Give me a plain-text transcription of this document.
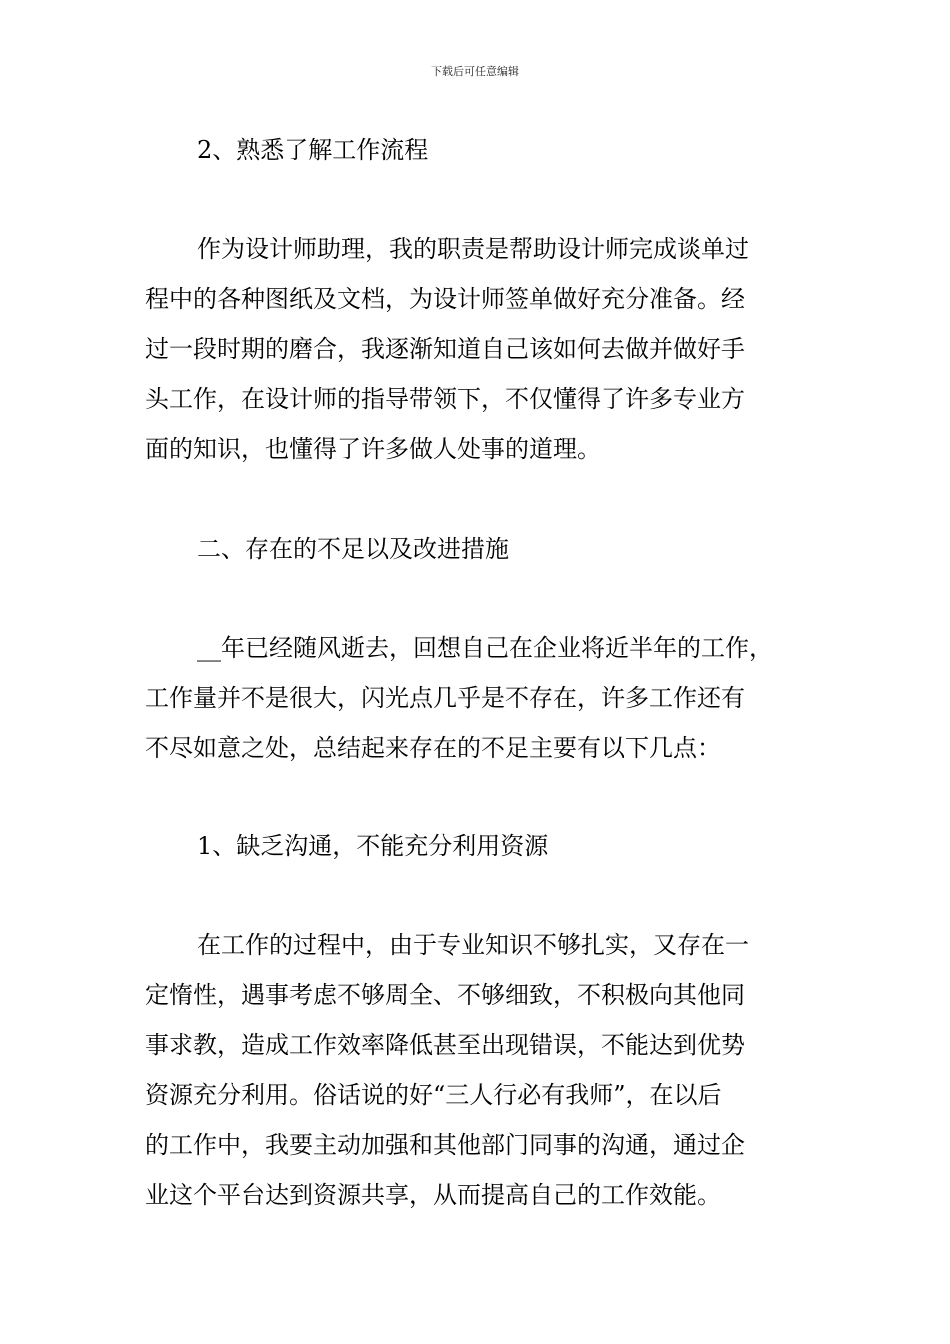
下载后可任意编辑
2、熟悉了解工作流程
作为设计师助理，我的职责是帮助设计师完成谈单过
程中的各种图纸及文档，为设计师签单做好充分准备。经
过一段时期的磨合，我逐渐知道自己该如何去做并做好手
头工作，在设计师的指导带领下，不仅懂得了许多专业方
面的知识，也懂得了许多做人处事的道理。
二、存在的不足以及改进措施
__年已经随风逝去，回想自己在企业将近半年的工作，
工作量并不是很大，闪光点几乎是不存在，许多工作还有
不尽如意之处，总结起来存在的不足主要有以下几点：
1、缺乏沟通，不能充分利用资源
在工作的过程中，由于专业知识不够扎实，又存在一
定惰性，遇事考虑不够周全、不够细致，不积极向其他同
事求教，造成工作效率降低甚至出现错误，不能达到优势
资源充分利用。俗话说的好“三人行必有我师”，在以后
的工作中，我要主动加强和其他部门同事的沟通，通过企
业这个平台达到资源共享，从而提高自己的工作效能。
